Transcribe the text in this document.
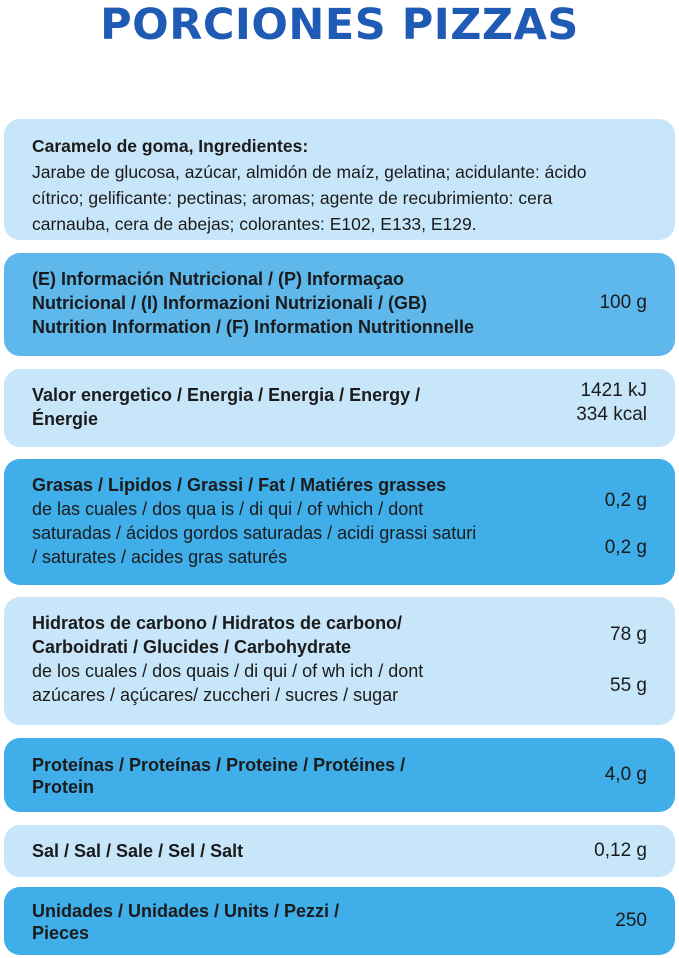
PORCIONES PIZZAS
Caramelo de goma, Ingredientes:
Jarabe de glucosa, azúcar, almidón de maíz, gelatina; acidulante: ácido
cítrico; gelificante: pectinas; aromas; agente de recubrimiento: cera
carnauba, cera de abejas; colorantes: E102, E133, E129.
(E) Información Nutricional / (P) Informaçao
Nutricional / (I) Informazioni Nutrizionali / (GB)
Nutrition Information / (F) Information Nutritionnelle
100 g
Valor energetico / Energia / Energia / Energy /
Énergie
1421 kJ
334 kcal
Grasas / Lipidos / Grassi / Fat / Matiéres grasses
de las cuales / dos qua is / di qui / of which / dont
saturadas / ácidos gordos saturadas / acidi grassi saturi
/ saturates / acides gras saturés
0,2 g
0,2 g
Hidratos de carbono / Hidratos de carbono/
Carboidrati / Glucides / Carbohydrate
de los cuales / dos quais / di qui / of wh ich / dont
azúcares / açúcares/ zuccheri / sucres / sugar
78 g
55 g
Proteínas / Proteínas / Proteine / Protéines /
Protein
4,0 g
Sal / Sal / Sale / Sel / Salt	0,12 g
Unidades / Unidades / Units / Pezzi /
Pieces
250
